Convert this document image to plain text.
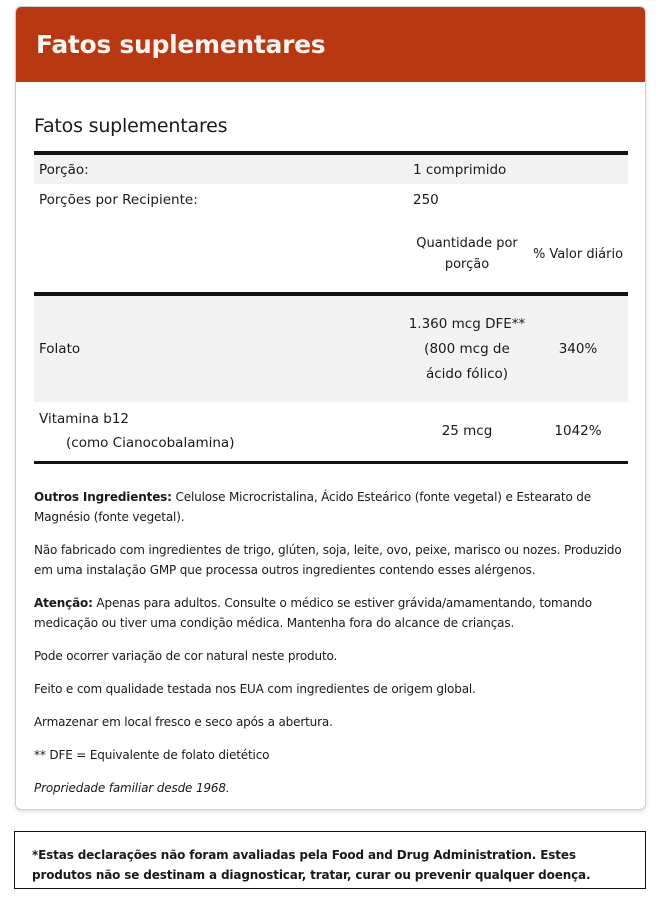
Fatos suplementares
Fatos suplementares
Porção:	1 comprimido	
Porções por Recipiente:	250	
	Quantidade por porção	% Valor diário
Folato	1.360 mcg DFE** (800 mcg de ácido fólico)	340%
Vitamina b12
(como Cianocobalamina)	25 mcg	1042%

Outros Ingredientes: Celulose Microcristalina, Ácido Esteárico (fonte vegetal) e Estearato de Magnésio (fonte vegetal).

Não fabricado com ingredientes de trigo, glúten, soja, leite, ovo, peixe, marisco ou nozes. Produzido em uma instalação GMP que processa outros ingredientes contendo esses alérgenos.

Atenção: Apenas para adultos. Consulte o médico se estiver grávida/amamentando, tomando medicação ou tiver uma condição médica. Mantenha fora do alcance de crianças.

Pode ocorrer variação de cor natural neste produto.

Feito e com qualidade testada nos EUA com ingredientes de origem global.

Armazenar em local fresco e seco após a abertura.

** DFE = Equivalente de folato dietético

Propriedade familiar desde 1968.

*Estas declarações não foram avaliadas pela Food and Drug Administration. Estes produtos não se destinam a diagnosticar, tratar, curar ou prevenir qualquer doença.
